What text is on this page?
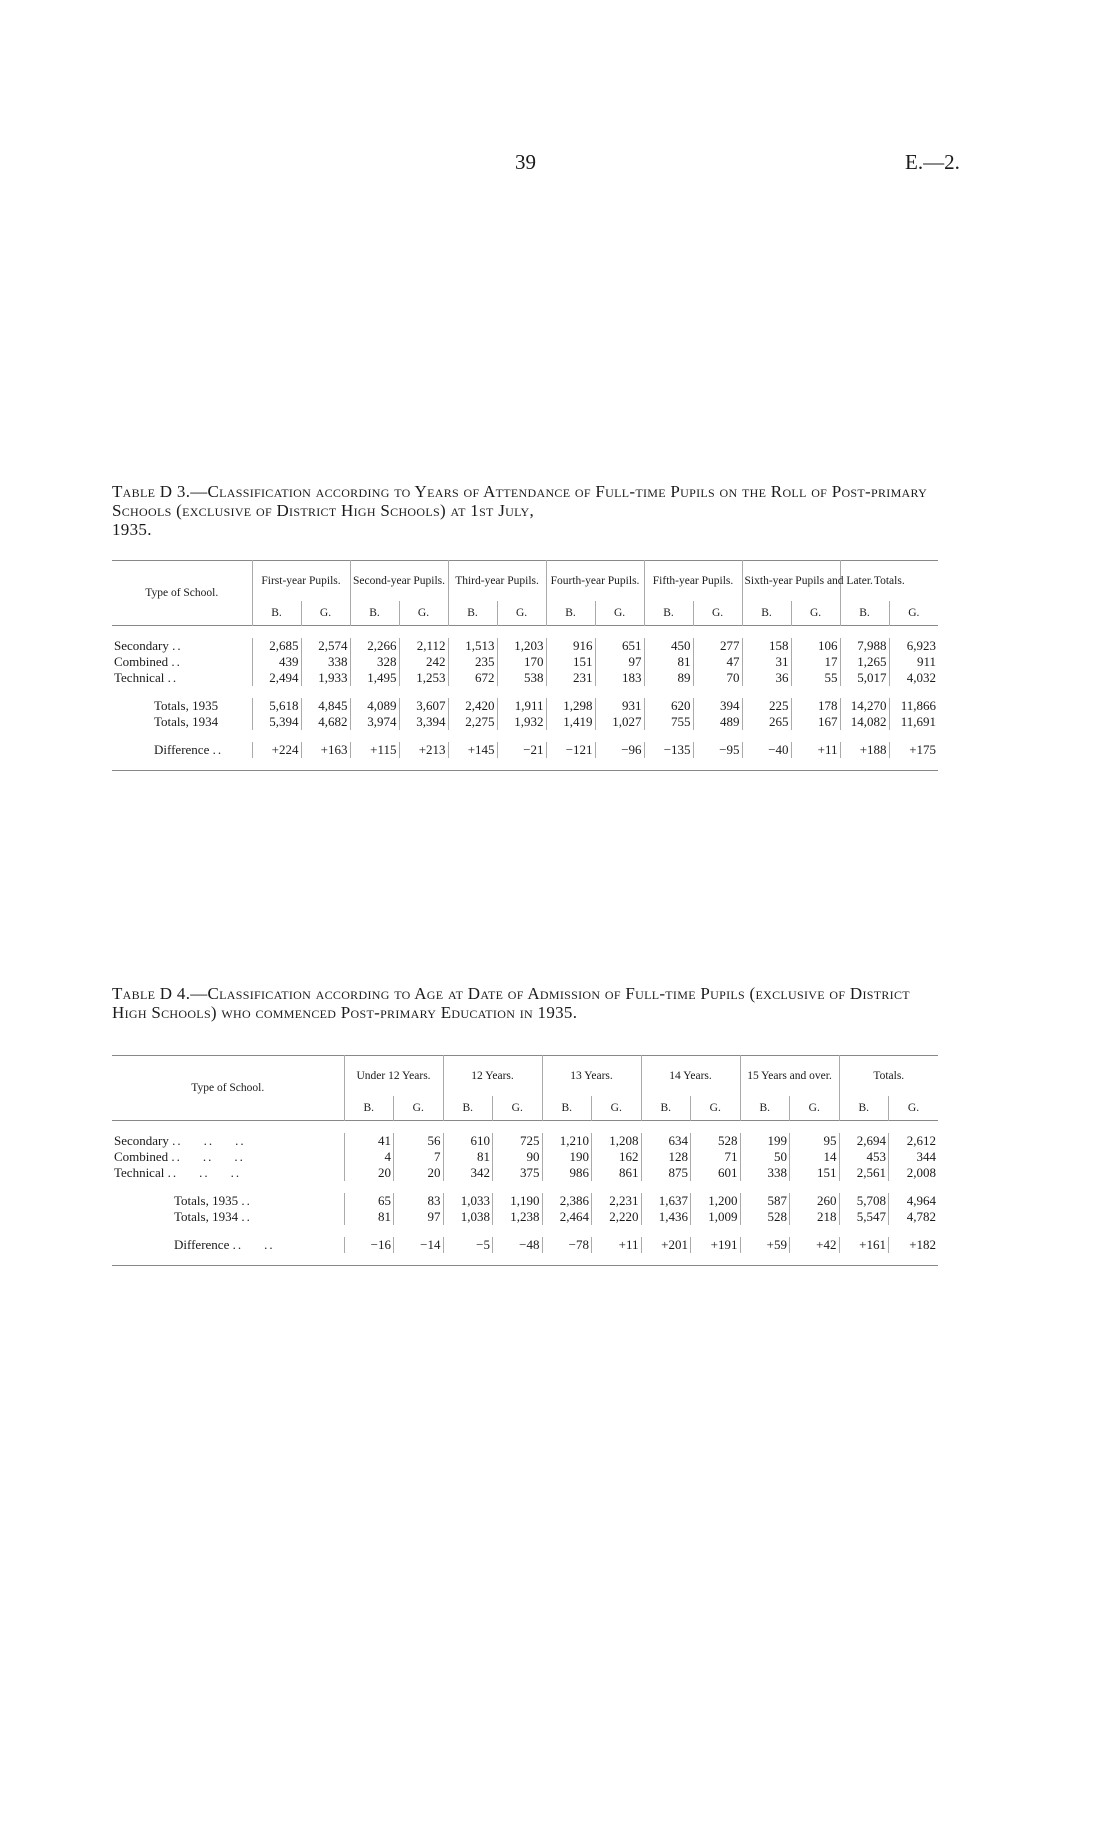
39	E.—2.
Table D 3.—Classification according to Years of Attendance of Full-time Pupils on the Roll of Post-primary Schools (exclusive of District High Schools) at 1st July,
1935.
Type of School.	First-year Pupils.		Second-year Pupils.		Third-year Pupils.		Fourth-year Pupils.		Fifth-year Pupils.		Sixth-year Pupils and Later.		Totals.	
	B.	G.	B.	G.	B.	G.	B.	G.	B.	G.	B.	G.	B.	G.

Secondary ..	2,685	2,574	2,266	2,112	1,513	1,203	916	651	450	277	158	106	7,988	6,923
Combined ..	439	338	328	242	235	170	151	97	81	47	31	17	1,265	911
Technical ..	2,494	1,933	1,495	1,253	672	538	231	183	89	70	36	55	5,017	4,032

Totals, 1935	5,618	4,845	4,089	3,607	2,420	1,911	1,298	931	620	394	225	178	14,270	11,866
Totals, 1934	5,394	4,682	3,974	3,394	2,275	1,932	1,419	1,027	755	489	265	167	14,082	11,691

Difference ..	+224	+163	+115	+213	+145	−21	−121	−96	−135	−95	−40	+11	+188	+175

Table D 4.—Classification according to Age at Date of Admission of Full-time Pupils (exclusive of District High Schools) who commenced Post-primary Education in 1935.
Type of School.	Under 12 Years.		12 Years.		13 Years.		14 Years.		15 Years and over.		Totals.	
	B.	G.	B.	G.	B.	G.	B.	G.	B.	G.	B.	G.

Secondary ..    ..    ..	41	56	610	725	1,210	1,208	634	528	199	95	2,694	2,612
Combined ..    ..    ..	4	7	81	90	190	162	128	71	50	14	453	344
Technical ..    ..    ..	20	20	342	375	986	861	875	601	338	151	2,561	2,008

Totals, 1935 ..	65	83	1,033	1,190	2,386	2,231	1,637	1,200	587	260	5,708	4,964
Totals, 1934 ..	81	97	1,038	1,238	2,464	2,220	1,436	1,009	528	218	5,547	4,782

Difference ..    ..	−16	−14	−5	−48	−78	+11	+201	+191	+59	+42	+161	+182
